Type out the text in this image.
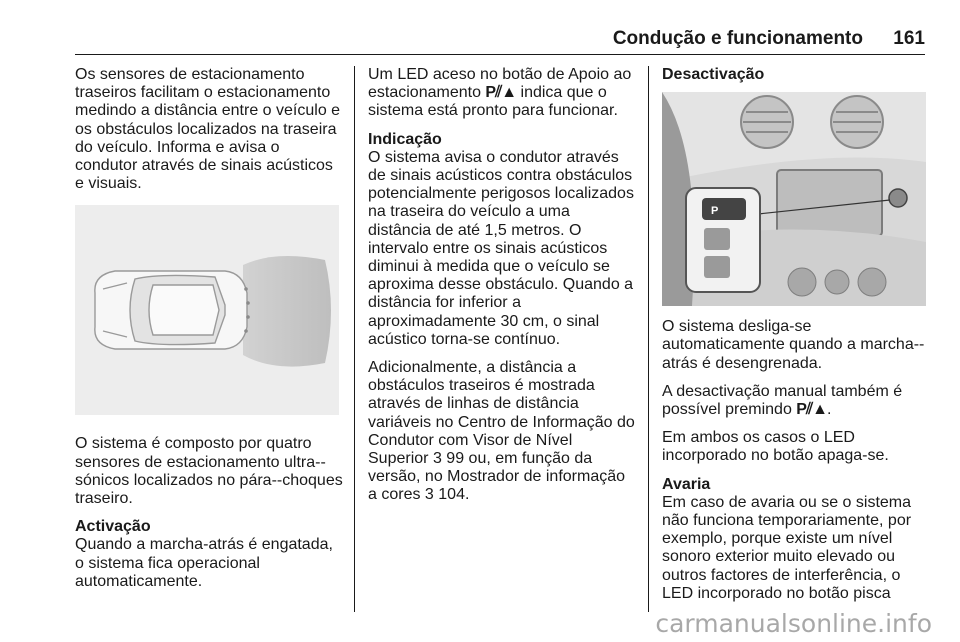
Condução e funcionamento 161

Os sensores de estacionamento traseiros facilitam o estacionamento medindo a distância entre o veículo e os obstáculos localizados na traseira do veículo. Informa e avisa o condutor através de sinais acústicos e visuais.

O sistema é composto por quatro sensores de estacionamento ultra--sónicos localizados no pára--choques traseiro.

Activação

Quando a marcha-atrás é engatada, o sistema fica operacional automaticamente.

Um LED aceso no botão de Apoio ao estacionamento P⫽▲ indica que o sistema está pronto para funcionar.

Indicação

O sistema avisa o condutor através de sinais acústicos contra obstáculos potencialmente perigosos localizados na traseira do veículo a uma distância de até 1,5 metros. O intervalo entre os sinais acústicos diminui à medida que o veículo se aproxima desse obstáculo. Quando a distância for inferior a aproximadamente 30 cm, o sinal acústico torna-se contínuo.

Adicionalmente, a distância a obstáculos traseiros é mostrada através de linhas de distância variáveis no Centro de Informação do Condutor com Visor de Nível Superior 3 99 ou, em função da versão, no Mostrador de informação a cores 3 104.

Desactivação

P

O sistema desliga-se automaticamente quando a marcha--atrás é desengrenada.

A desactivação manual também é possível premindo P⫽▲.

Em ambos os casos o LED incorporado no botão apaga-se.

Avaria

Em caso de avaria ou se o sistema não funciona temporariamente, por exemplo, porque existe um nível sonoro exterior muito elevado ou outros factores de interferência, o LED incorporado no botão pisca

carmanualsonline.info
